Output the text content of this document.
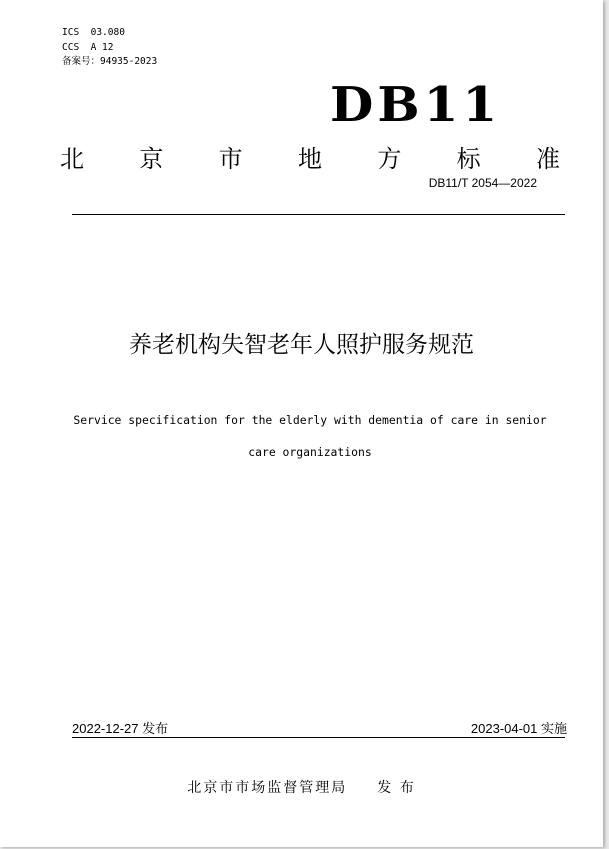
ICS  03.080
CCS  A 12
备案号：94935-2023
DB11
北 京 市 地 方 标 准
DB11/T 2054—2022
养老机构失智老年人照护服务规范
Service specification for the elderly with dementia of care in senior
care organizations
2022-12-27 发布	2023-04-01 实施
北京市市场监督管理局 发 布
